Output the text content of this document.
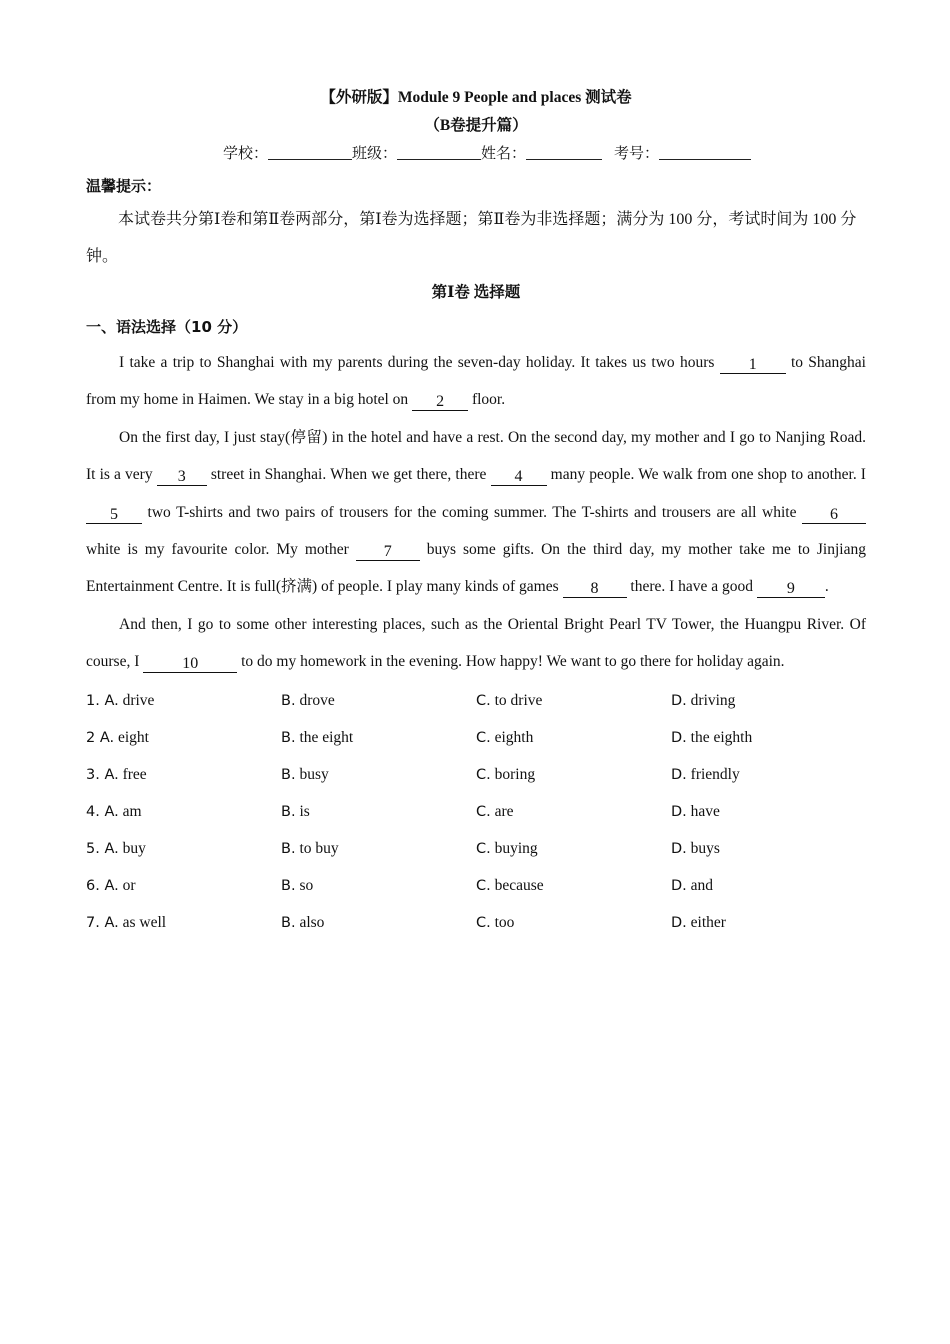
【外研版】Module 9 People and places 测试卷
（B卷提升篇）
学校：	班级：	姓名：	考号：
温馨提示：

本试卷共分第Ⅰ卷和第Ⅱ卷两部分，第Ⅰ卷为选择题；第Ⅱ卷为非选择题；满分为 100 分，考试时间为 100 分钟。

第Ⅰ卷 选择题
一、语法选择（10 分）

I take a trip to Shanghai with my parents during the seven-day holiday. It takes us two hours 1 to Shanghai from my home in Haimen. We stay in a big hotel on 2 floor.

On the first day, I just stay(停留) in the hotel and have a rest. On the second day, my mother and I go to Nanjing Road. It is a very 3 street in Shanghai. When we get there, there 4 many people. We walk from one shop to another. I 5 two T-shirts and two pairs of trousers for the coming summer. The T-shirts and trousers are all white 6 white is my favourite color. My mother 7 buys some gifts. On the third day, my mother take me to Jinjiang Entertainment Centre. It is full(挤满) of people. I play many kinds of games 8 there. I have a good 9 .

And then, I go to some other interesting places, such as the Oriental Bright Pearl TV Tower, the Huangpu River. Of course, I 10	to do my homework in the evening. How happy! We want to go there for holiday again.

1. A. drive	B. drove	C. to drive	D. driving
2 A. eight	B. the eight	C. eighth	D. the eighth
3. A. free	B. busy	C. boring	D. friendly
4. A. am	B. is	C. are	D. have
5. A. buy	B. to buy	C. buying	D. buys
6. A. or	B. so	C. because	D. and
7. A. as well	B. also	C. too	D. either
